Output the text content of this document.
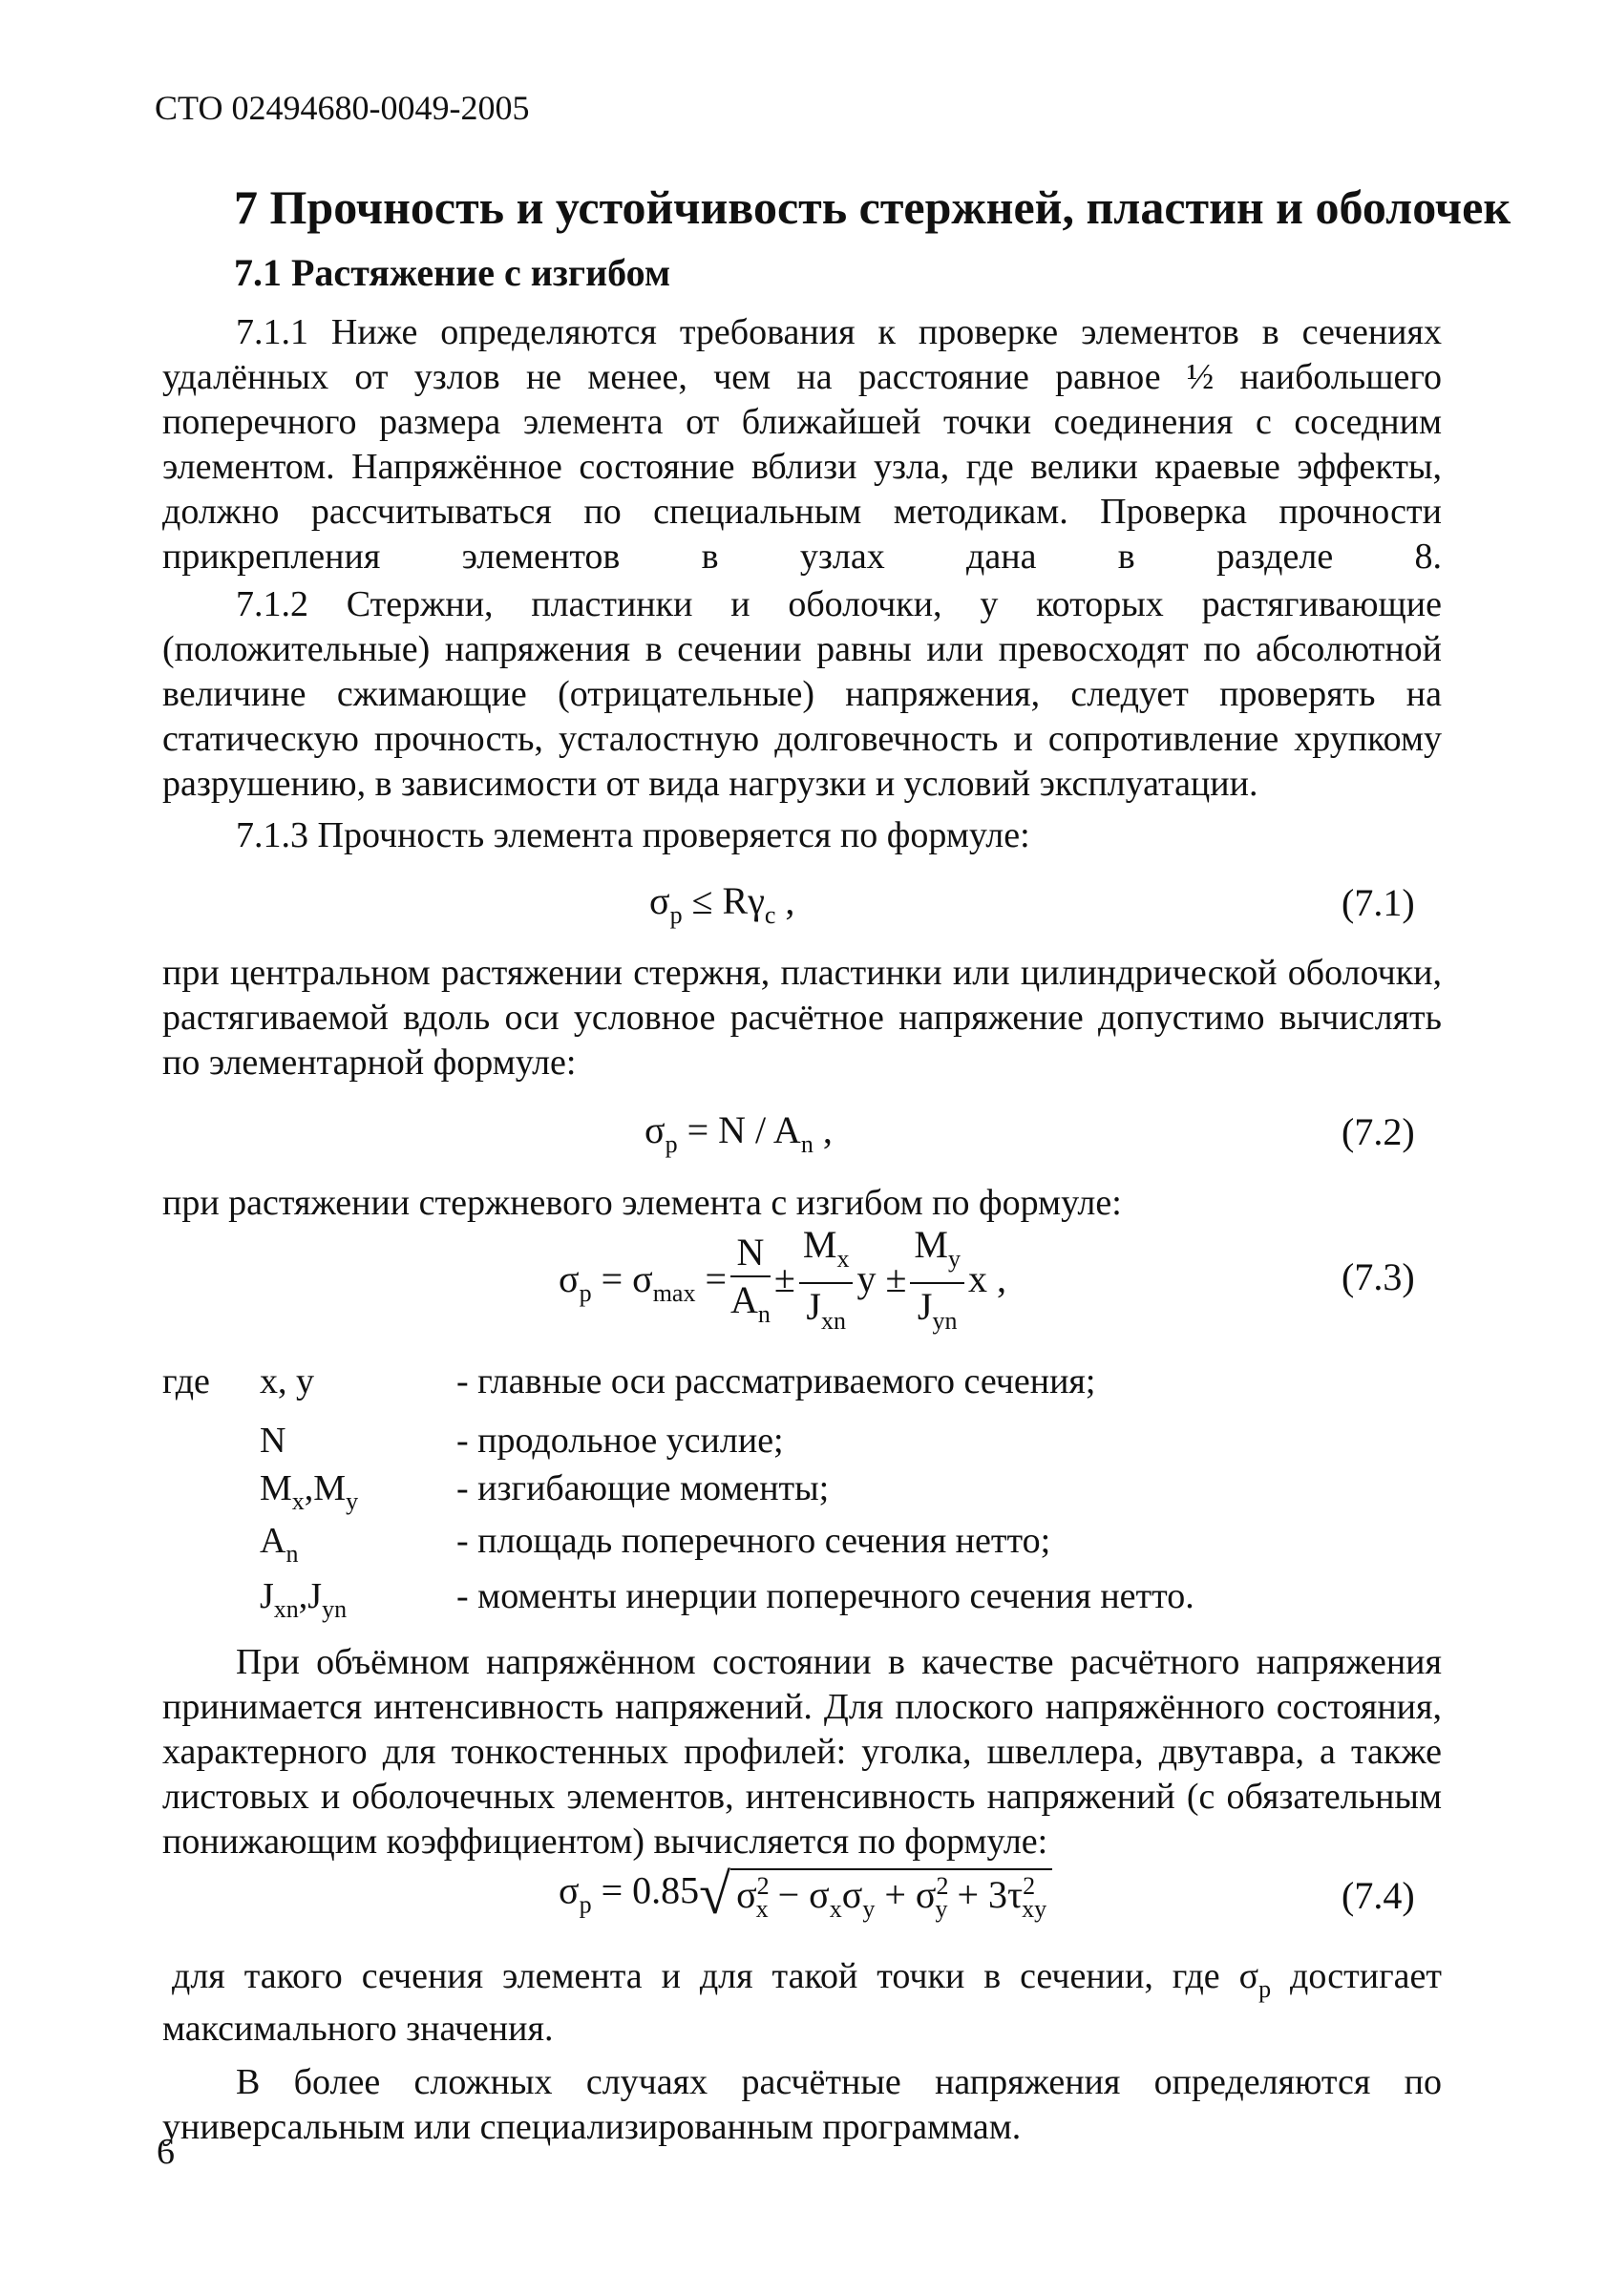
СТО 02494680-0049-2005
7 Прочность и устойчивость стержней, пластин и оболочек
7.1 Растяжение с изгибом

7.1.1 Ниже определяются требования к проверке элементов в сечениях удалённых от узлов не менее, чем на расстояние равное ½ наибольшего поперечного размера элемента от ближайшей точки соединения с соседним элементом. Напряжённое состояние вблизи узла, где велики краевые эффекты, должно рассчитываться по специальным методикам. Проверка прочности прикрепления элементов в узлах дана в разделе 8.

7.1.2 Стержни, пластинки и оболочки, у которых растягивающие (положительные) напряжения в сечении равны или превосходят по абсолютной величине сжимающие (отрицательные) напряжения, следует проверять на статическую прочность, усталостную долговечность и сопротивление хрупкому разрушению, в зависимости от вида нагрузки и условий эксплуатации.

7.1.3 Прочность элемента проверяется по формуле:

$\sigma_p \le R\gamma_c$ ,	(7.1)

при центральном растяжении стержня, пластинки или цилиндрической оболочки, растягиваемой вдоль оси условное расчётное напряжение допустимо вычислять по элементарной формуле:

$\sigma_p = N / A_n$ ,	(7.2)

при растяжении стержневого элемента с изгибом по формуле:

$\sigma_p = \sigma_{max} = \frac{N}{A_n} \pm \frac{M_x}{J_{xn}}$ $y \pm \frac{M_y}{J_{yn}}$ x ,	(7.3)
где x, y	- главные оси рассматриваемого сечения;
N	- продольное усилие;
$M_x,M_y$	- изгибающие моменты;
$A_n$	- площадь поперечного сечения нетто;
$J_{xn},J_{yn}$	- моменты инерции поперечного сечения нетто.

При объёмном напряжённом состоянии в качестве расчётного напряжения принимается интенсивность напряжений. Для плоского напряжённого состояния, характерного для тонкостенных профилей: уголка, швеллера, двутавра, а также листовых и оболочечных элементов, интенсивность напряжений (с обязательным понижающим коэффициентом) вычисляется по формуле:

$\sigma_p = 0.85√$ $\sigma^2_x - \sigma_x\sigma_y + \sigma^2_y + 3\tau^2_{xy}$	(7.4)
для такого сечения элемента и для такой точки в сечении, где $\sigma_p$ достигает
максимального значения.

В более сложных случаях расчётные напряжения определяются по универсальным или специализированным программам.

6
